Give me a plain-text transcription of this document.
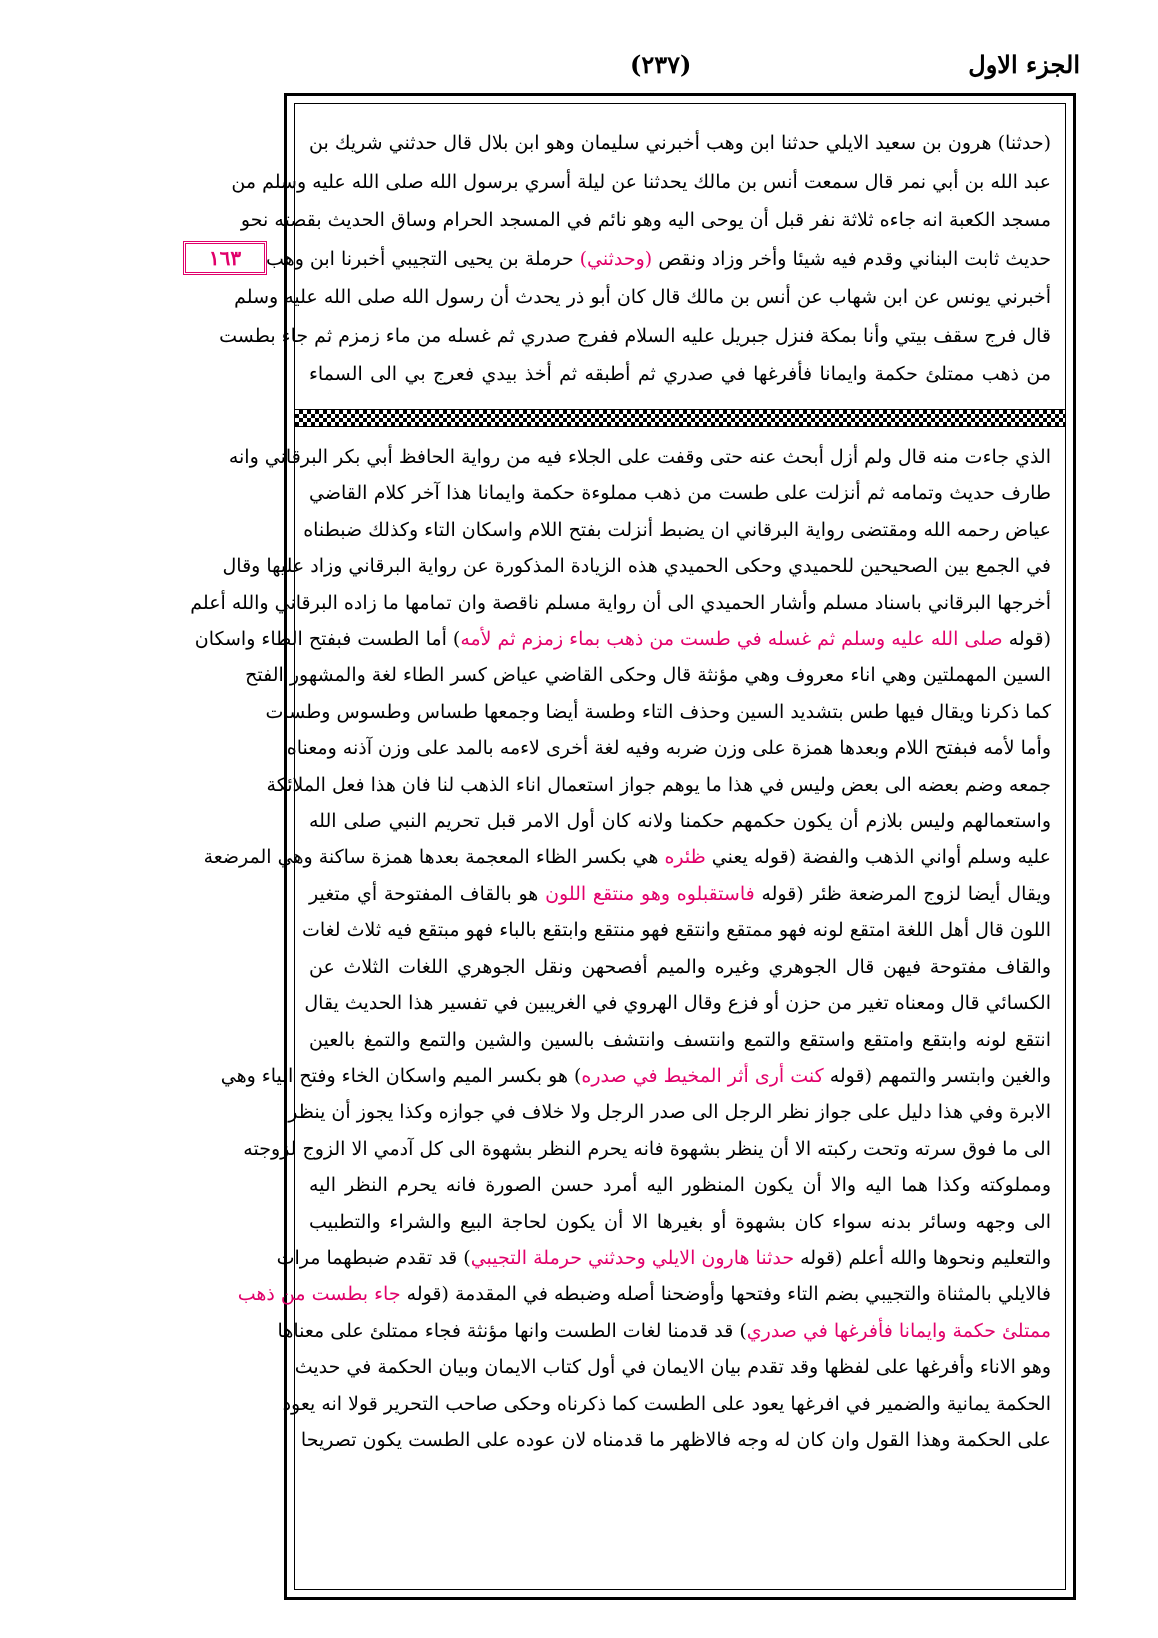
الجزء الاول
(٢٣٧)
١٦٣
(حدثنا) هرون بن سعيد الايلي حدثنا ابن وهب أخبرني سليمان وهو ابن بلال قال حدثني شريك بن
عبد الله بن أبي نمر قال سمعت أنس بن مالك يحدثنا عن ليلة أسري برسول الله صلى الله عليه وسلم من
مسجد الكعبة انه جاءه ثلاثة نفر قبل أن يوحى اليه وهو نائم في المسجد الحرام وساق الحديث بقصته نحو
حديث ثابت البناني وقدم فيه شيئا وأخر وزاد ونقص (وحدثني) حرملة بن يحيى التجيبي أخبرنا ابن وهب
أخبرني يونس عن ابن شهاب عن أنس بن مالك قال كان أبو ذر يحدث أن رسول الله صلى الله عليه وسلم
قال فرج سقف بيتي وأنا بمكة فنزل جبريل عليه السلام ففرج صدري ثم غسله من ماء زمزم ثم جاء بطست
من ذهب ممتلئ حكمة وايمانا فأفرغها في صدري ثم أطبقه ثم أخذ بيدي فعرج بي الى السماء
الذي جاءت منه قال ولم أزل أبحث عنه حتى وقفت على الجلاء فيه من رواية الحافظ أبي بكر البرقاني وانه
طارف حديث وتمامه ثم أنزلت على طست من ذهب مملوءة حكمة وايمانا هذا آخر كلام القاضي
عياض رحمه الله ومقتضى رواية البرقاني ان يضبط أنزلت بفتح اللام واسكان التاء وكذلك ضبطناه
في الجمع بين الصحيحين للحميدي وحكى الحميدي هذه الزيادة المذكورة عن رواية البرقاني وزاد عليها وقال
أخرجها البرقاني باسناد مسلم وأشار الحميدي الى أن رواية مسلم ناقصة وان تمامها ما زاده البرقاني والله أعلم
(قوله صلى الله عليه وسلم ثم غسله في طست من ذهب بماء زمزم ثم لأمه) أما الطست فبفتح الطاء واسكان
السين المهملتين وهي اناء معروف وهي مؤنثة قال وحكى القاضي عياض كسر الطاء لغة والمشهور الفتح
كما ذكرنا ويقال فيها طس بتشديد السين وحذف التاء وطسة أيضا وجمعها طساس وطسوس وطسات
وأما لأمه فبفتح اللام وبعدها همزة على وزن ضربه وفيه لغة أخرى لاءمه بالمد على وزن آذنه ومعناه
جمعه وضم بعضه الى بعض وليس في هذا ما يوهم جواز استعمال اناء الذهب لنا فان هذا فعل الملائكة
واستعمالهم وليس بلازم أن يكون حكمهم حكمنا ولانه كان أول الامر قبل تحريم النبي صلى الله
عليه وسلم أواني الذهب والفضة (قوله يعني ظئره هي بكسر الظاء المعجمة بعدها همزة ساكنة وهي المرضعة
ويقال أيضا لزوج المرضعة ظئر (قوله فاستقبلوه وهو منتقع اللون هو بالقاف المفتوحة أي متغير
اللون قال أهل اللغة امتقع لونه فهو ممتقع وانتقع فهو منتقع وابتقع بالباء فهو مبتقع فيه ثلاث لغات
والقاف مفتوحة فيهن قال الجوهري وغيره والميم أفصحهن ونقل الجوهري اللغات الثلاث عن
الكسائي قال ومعناه تغير من حزن أو فزع وقال الهروي في الغريبين في تفسير هذا الحديث يقال
انتقع لونه وابتقع وامتقع واستقع والتمع وانتسف وانتشف بالسين والشين والتمع والتمغ بالعين
والغين وابتسر والتمهم (قوله كنت أرى أثر المخيط في صدره) هو بكسر الميم واسكان الخاء وفتح الياء وهي
الابرة وفي هذا دليل على جواز نظر الرجل الى صدر الرجل ولا خلاف في جوازه وكذا يجوز أن ينظر
الى ما فوق سرته وتحت ركبته الا أن ينظر بشهوة فانه يحرم النظر بشهوة الى كل آدمي الا الزوج لزوجته
ومملوكته وكذا هما اليه والا أن يكون المنظور اليه أمرد حسن الصورة فانه يحرم النظر اليه
الى وجهه وسائر بدنه سواء كان بشهوة أو بغيرها الا أن يكون لحاجة البيع والشراء والتطبيب
والتعليم ونحوها والله أعلم (قوله حدثنا هارون الايلي وحدثني حرملة التجيبي) قد تقدم ضبطهما مرات
فالايلي بالمثناة والتجيبي بضم التاء وفتحها وأوضحنا أصله وضبطه في المقدمة (قوله جاء بطست من ذهب
ممتلئ حكمة وايمانا فأفرغها في صدري) قد قدمنا لغات الطست وانها مؤنثة فجاء ممتلئ على معناها
وهو الاناء وأفرغها على لفظها وقد تقدم بيان الايمان في أول كتاب الايمان وبيان الحكمة في حديث
الحكمة يمانية والضمير في افرغها يعود على الطست كما ذكرناه وحكى صاحب التحرير قولا انه يعود
على الحكمة وهذا القول وان كان له وجه فالاظهر ما قدمناه لان عوده على الطست يكون تصريحا
